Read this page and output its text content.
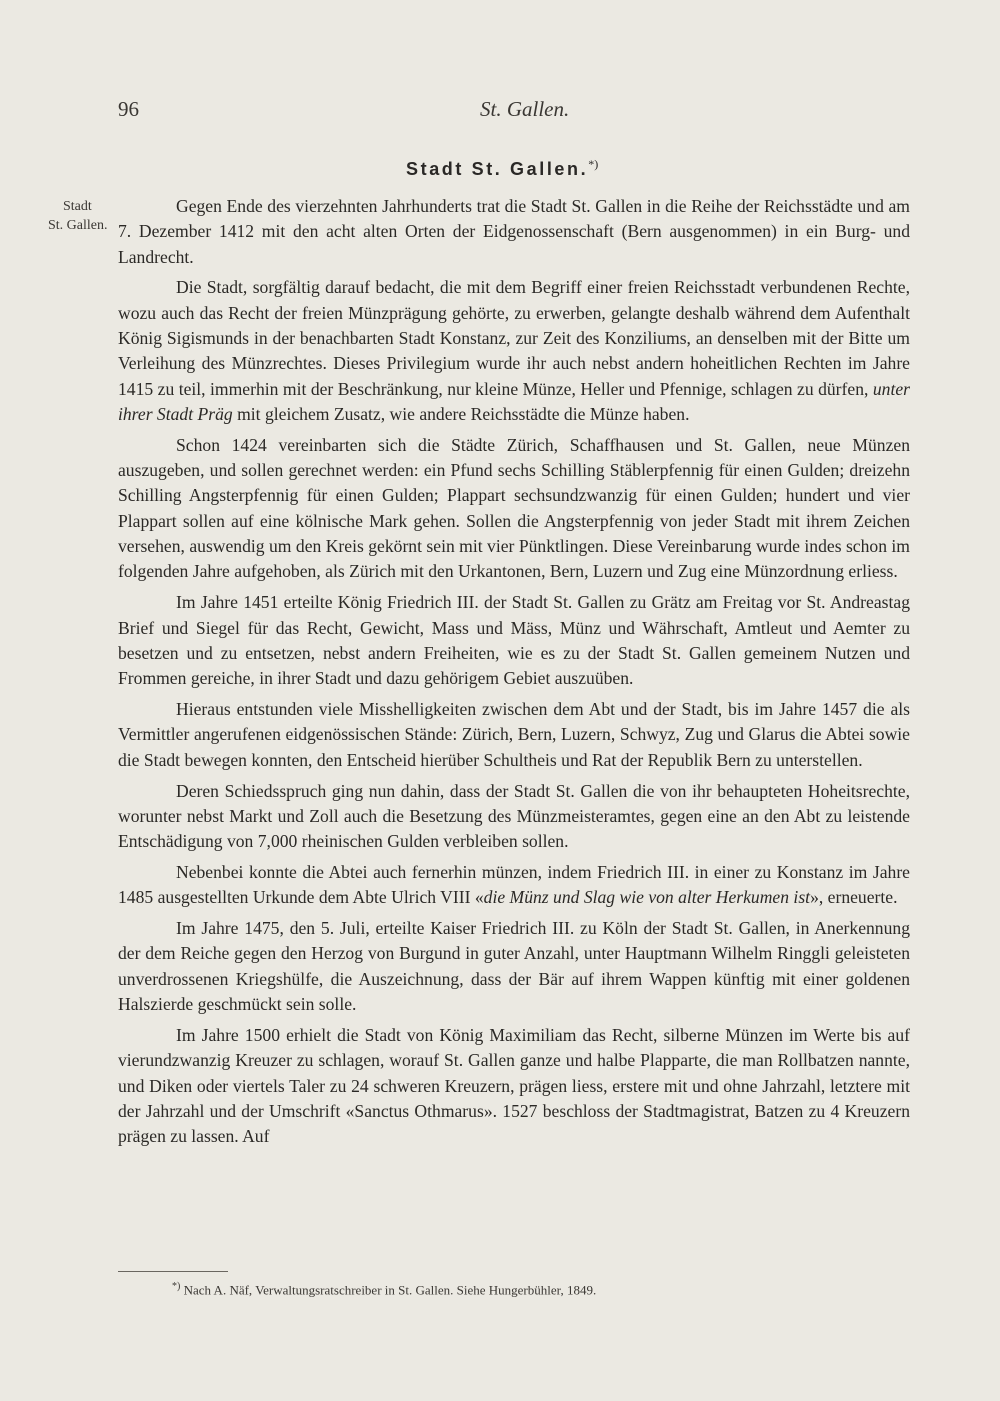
96	St. Gallen.
Stadt St. Gallen.*)
Stadt
St. Gallen.

Gegen Ende des vierzehnten Jahrhunderts trat die Stadt St. Gallen in die Reihe der Reichsstädte und am 7. Dezember 1412 mit den acht alten Orten der Eidgenossenschaft (Bern ausgenommen) in ein Burg- und Landrecht.

Die Stadt, sorgfältig darauf bedacht, die mit dem Begriff einer freien Reichsstadt verbundenen Rechte, wozu auch das Recht der freien Münzprägung gehörte, zu erwerben, gelangte deshalb während dem Aufenthalt König Sigismunds in der benachbarten Stadt Konstanz, zur Zeit des Konziliums, an denselben mit der Bitte um Verleihung des Münzrechtes. Dieses Privilegium wurde ihr auch nebst andern hoheitlichen Rechten im Jahre 1415 zu teil, immerhin mit der Beschränkung, nur kleine Münze, Heller und Pfennige, schlagen zu dürfen, unter ihrer Stadt Präg mit gleichem Zusatz, wie andere Reichsstädte die Münze haben.

Schon 1424 vereinbarten sich die Städte Zürich, Schaffhausen und St. Gallen, neue Münzen auszugeben, und sollen gerechnet werden: ein Pfund sechs Schilling Stäblerpfennig für einen Gulden; dreizehn Schilling Angsterpfennig für einen Gulden; Plappart sechsundzwanzig für einen Gulden; hundert und vier Plappart sollen auf eine kölnische Mark gehen. Sollen die Angsterpfennig von jeder Stadt mit ihrem Zeichen versehen, auswendig um den Kreis gekörnt sein mit vier Pünktlingen. Diese Vereinbarung wurde indes schon im folgenden Jahre aufgehoben, als Zürich mit den Urkantonen, Bern, Luzern und Zug eine Münzordnung erliess.

Im Jahre 1451 erteilte König Friedrich III. der Stadt St. Gallen zu Grätz am Freitag vor St. Andreastag Brief und Siegel für das Recht, Gewicht, Mass und Mäss, Münz und Währschaft, Amtleut und Aemter zu besetzen und zu entsetzen, nebst andern Freiheiten, wie es zu der Stadt St. Gallen gemeinem Nutzen und Frommen gereiche, in ihrer Stadt und dazu gehörigem Gebiet auszuüben.

Hieraus entstunden viele Misshelligkeiten zwischen dem Abt und der Stadt, bis im Jahre 1457 die als Vermittler angerufenen eidgenössischen Stände: Zürich, Bern, Luzern, Schwyz, Zug und Glarus die Abtei sowie die Stadt bewegen konnten, den Entscheid hierüber Schultheis und Rat der Republik Bern zu unterstellen.

Deren Schiedsspruch ging nun dahin, dass der Stadt St. Gallen die von ihr behaupteten Hoheitsrechte, worunter nebst Markt und Zoll auch die Besetzung des Münzmeisteramtes, gegen eine an den Abt zu leistende Entschädigung von 7,000 rheinischen Gulden verbleiben sollen.

Nebenbei konnte die Abtei auch fernerhin münzen, indem Friedrich III. in einer zu Konstanz im Jahre 1485 ausgestellten Urkunde dem Abte Ulrich VIII «die Münz und Slag wie von alter Herkumen ist», erneuerte.

Im Jahre 1475, den 5. Juli, erteilte Kaiser Friedrich III. zu Köln der Stadt St. Gallen, in Anerkennung der dem Reiche gegen den Herzog von Burgund in guter Anzahl, unter Hauptmann Wilhelm Ringgli geleisteten unverdrossenen Kriegshülfe, die Auszeichnung, dass der Bär auf ihrem Wappen künftig mit einer goldenen Halszierde geschmückt sein solle.

Im Jahre 1500 erhielt die Stadt von König Maximiliam das Recht, silberne Münzen im Werte bis auf vierundzwanzig Kreuzer zu schlagen, worauf St. Gallen ganze und halbe Plapparte, die man Rollbatzen nannte, und Diken oder viertels Taler zu 24 schweren Kreuzern, prägen liess, erstere mit und ohne Jahrzahl, letztere mit der Jahrzahl und der Umschrift «Sanctus Othmarus». 1527 beschloss der Stadtmagistrat, Batzen zu 4 Kreuzern prägen zu lassen. Auf

*) Nach A. Näf, Verwaltungsratschreiber in St. Gallen. Siehe Hungerbühler, 1849.
